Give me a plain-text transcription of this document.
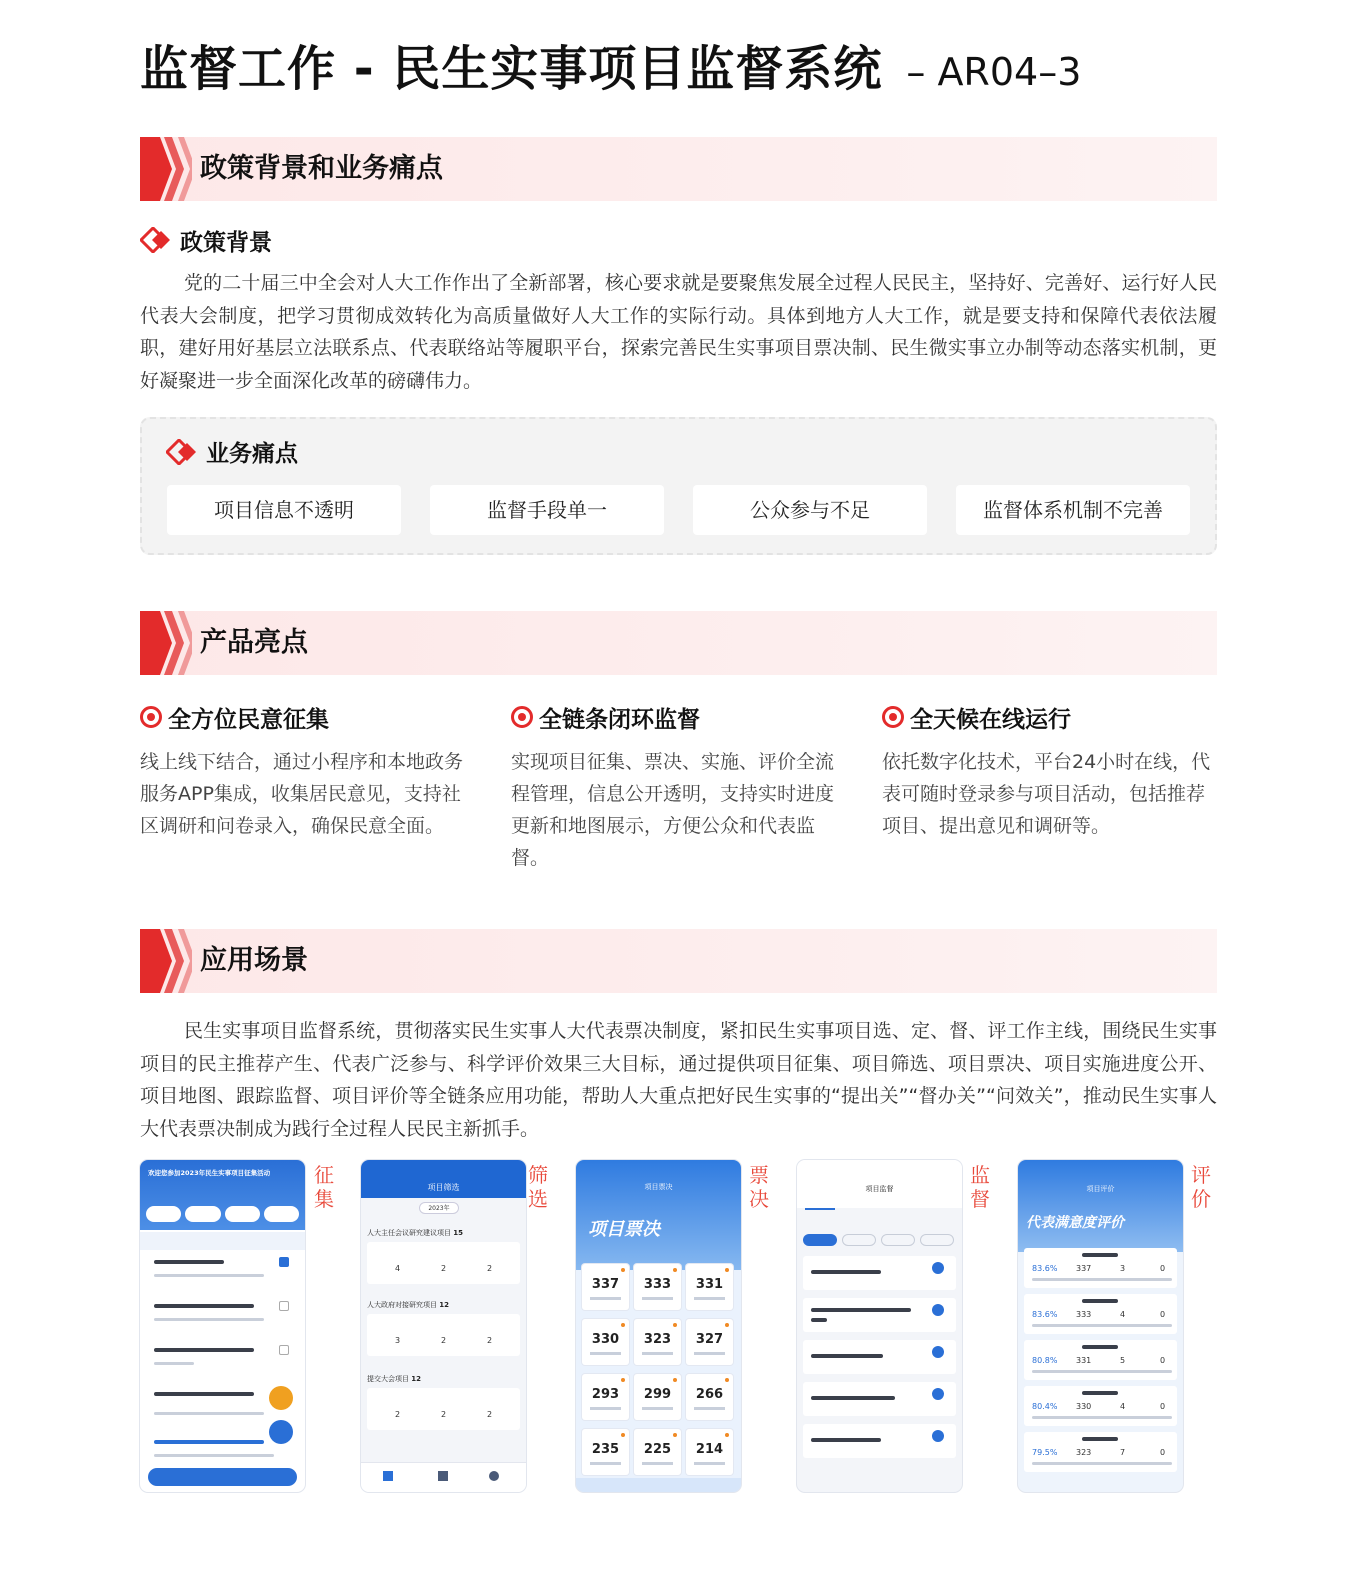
监督工作 - 民生实事项目监督系统 – AR04–3
政策背景和业务痛点
政策背景
党的二十届三中全会对人大工作作出了全新部署，核心要求就是要聚焦发展全过程人民民主，坚持好、完善好、运行好人民代表大会制度，把学习贯彻成效转化为高质量做好人大工作的实际行动。具体到地方人大工作，就是要支持和保障代表依法履职，建好用好基层立法联系点、代表联络站等履职平台，探索完善民生实事项目票决制、民生微实事立办制等动态落实机制，更好凝聚进一步全面深化改革的磅礴伟力。
业务痛点
项目信息不透明	监督手段单一	公众参与不足	监督体系机制不完善
产品亮点
全方位民意征集
线上线下结合，通过小程序和本地政务服务APP集成，收集居民意见，支持社区调研和问卷录入，确保民意全面。
全链条闭环监督
实现项目征集、票决、实施、评价全流程管理，信息公开透明，支持实时进度更新和地图展示，方便公众和代表监督。
全天候在线运行
依托数字化技术，平台24小时在线，代表可随时登录参与项目活动，包括推荐项目、提出意见和调研等。
应用场景
民生实事项目监督系统，贯彻落实民生实事人大代表票决制度，紧扣民生实事项目选、定、督、评工作主线，围绕民生实事项目的民主推荐产生、代表广泛参与、科学评价效果三大目标，通过提供项目征集、项目筛选、项目票决、项目实施进度公开、项目地图、跟踪监督、项目评价等全链条应用功能，帮助人大重点把好民生实事的“提出关”“督办关”“问效关”，推动民生实事人大代表票决制成为践行全过程人民民主新抓手。
欢迎您参加2023年民生实事项目征集活动 征集	项目筛选
2023年
人大主任会议研究建议项目 15
4	2	2
人大政府对接研究项目 12
3	2	2
提交大会项目 12
2	2	2
筛选	项目票决
项目票决
337	333	331
330	323	327
293	299	266
235	225	214
票决	项目监督
监督	项目评价
代表满意度评价
83.6% 337	3	0
83.6% 333	4	0
80.8% 331	5	0
80.4% 330	4	0
79.5% 323	7	0
评价
